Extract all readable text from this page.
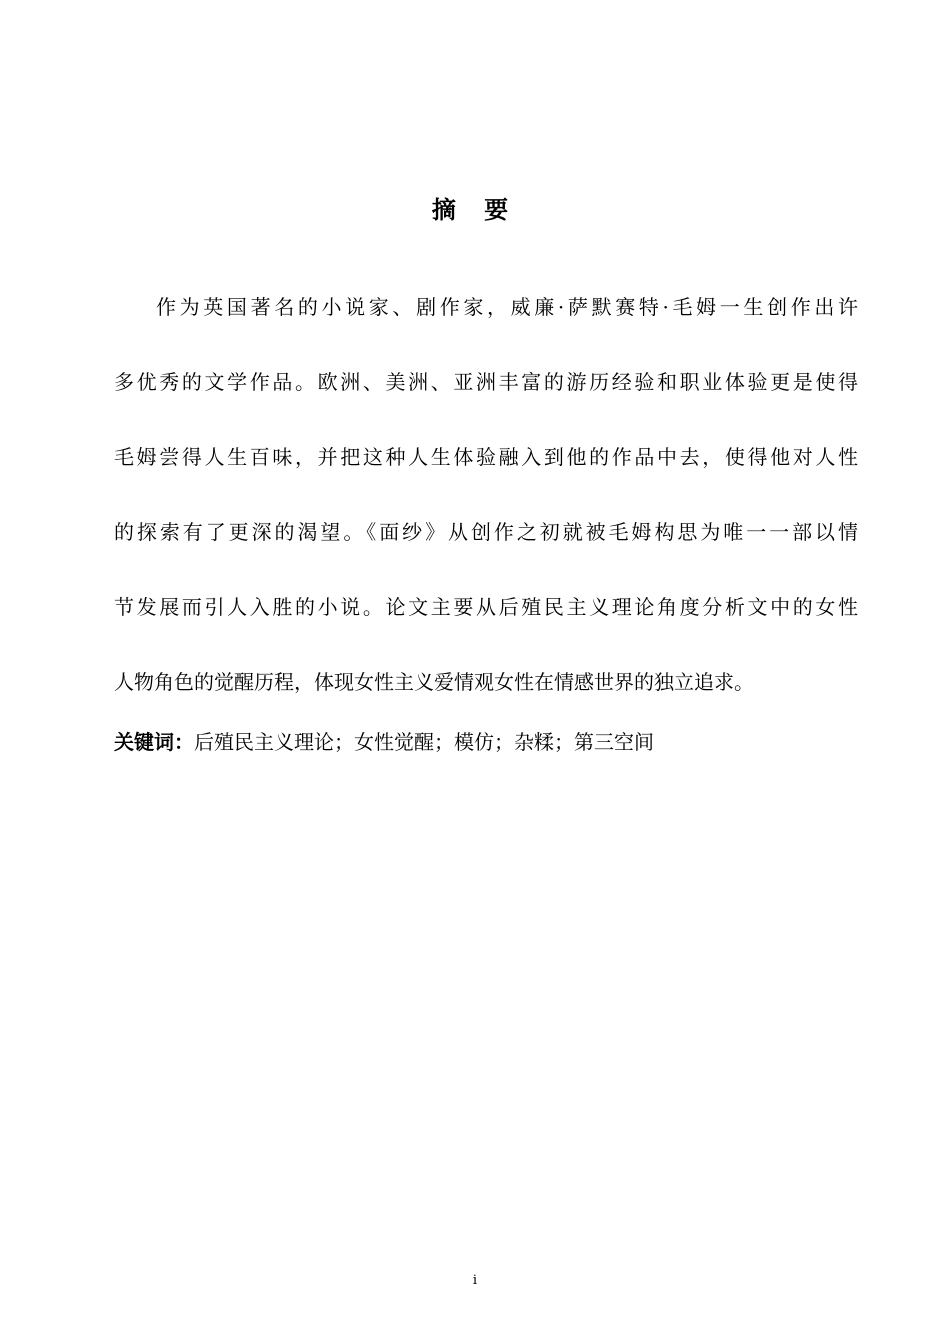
摘 要
作为英国著名的小说家、剧作家，威廉·萨默赛特·毛姆一生创作出许
多优秀的文学作品。欧洲、美洲、亚洲丰富的游历经验和职业体验更是使得
毛姆尝得人生百味，并把这种人生体验融入到他的作品中去，使得他对人性
的探索有了更深的渴望。《面纱》从创作之初就被毛姆构思为唯一一部以情
节发展而引人入胜的小说。论文主要从后殖民主义理论角度分析文中的女性
人物角色的觉醒历程，体现女性主义爱情观女性在情感世界的独立追求。
关键词：后殖民主义理论；女性觉醒；模仿；杂糅；第三空间
i
